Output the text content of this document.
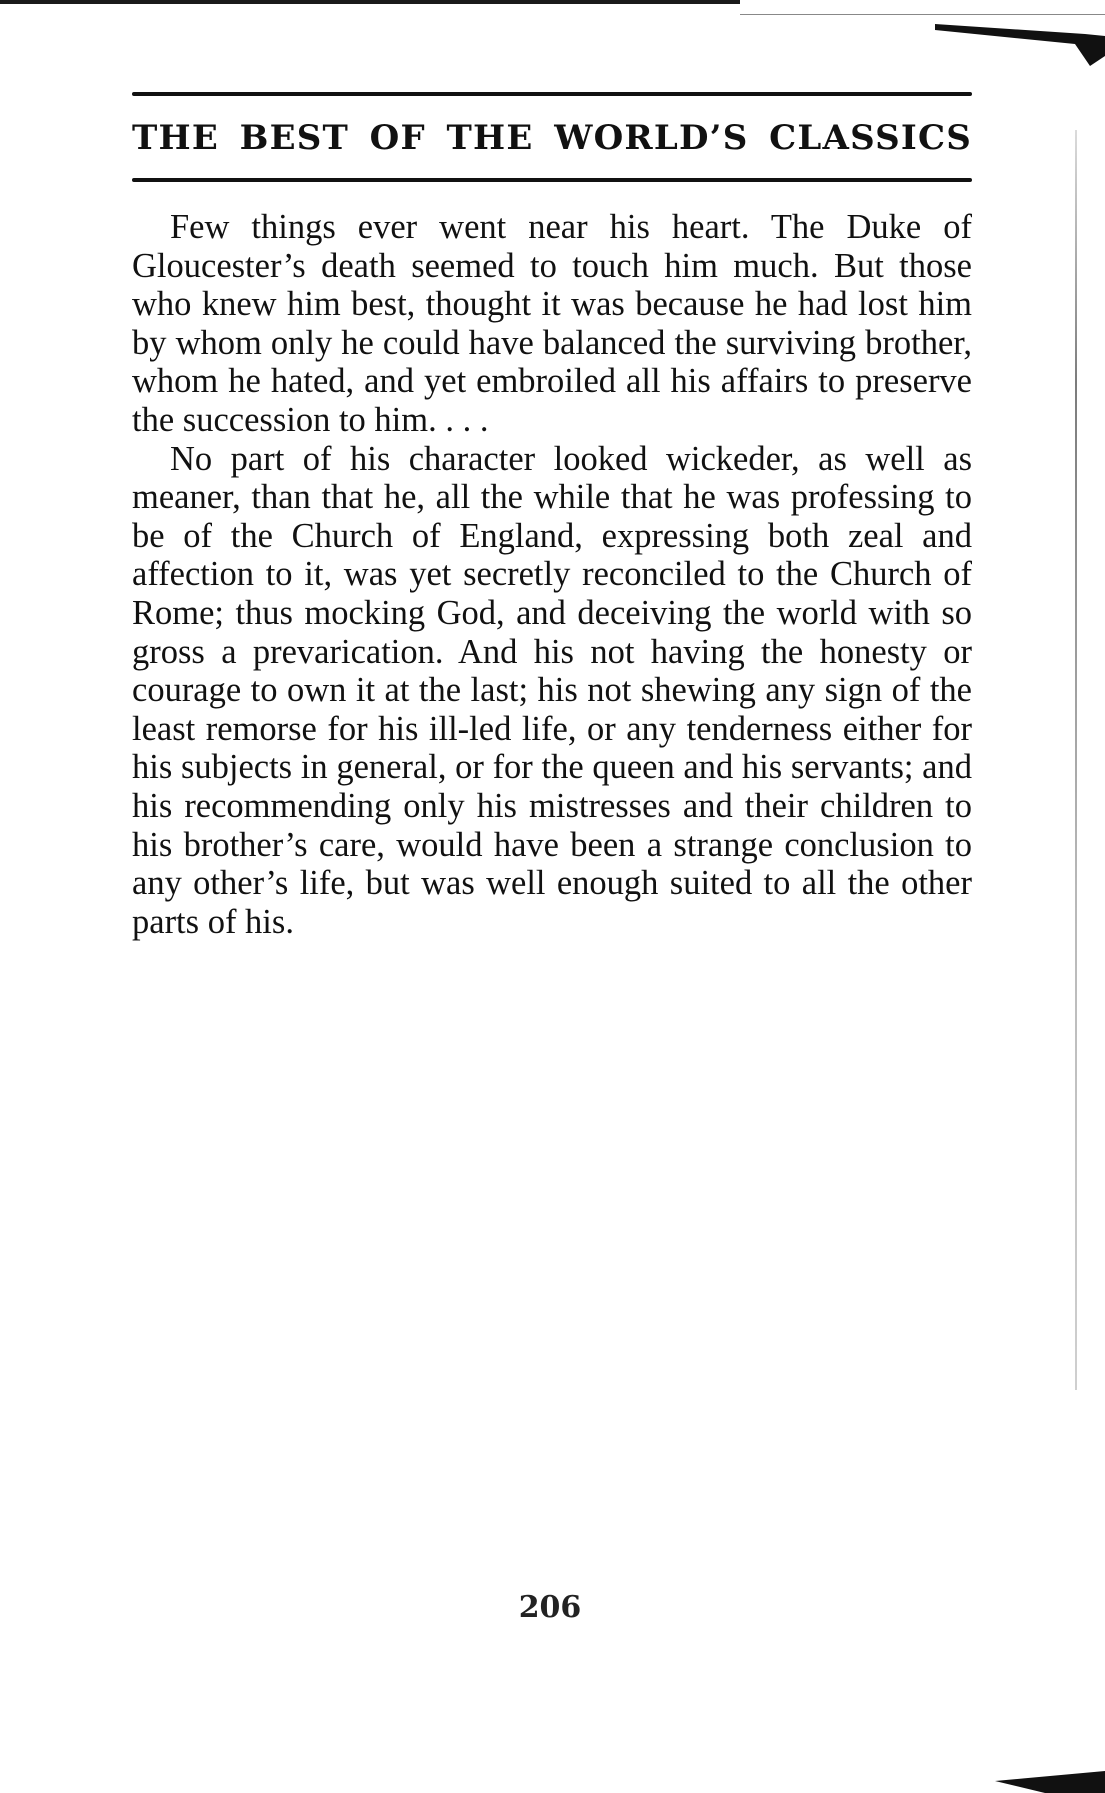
THE BEST OF THE WORLD’S CLASSICS

Few things ever went near his heart. The Duke of Gloucester’s death seemed to touch him much. But those who knew him best, thought it was because he had lost him by whom only he could have balanced the surviving brother, whom he hated, and yet embroiled all his affairs to preserve the succession to him. . . .

No part of his character looked wickeder, as well as meaner, than that he, all the while that he was professing to be of the Church of England, expressing both zeal and affection to it, was yet secretly reconciled to the Church of Rome; thus mocking God, and deceiving the world with so gross a prevarication. And his not having the honesty or courage to own it at the last; his not shewing any sign of the least remorse for his ill-led life, or any tenderness either for his subjects in general, or for the queen and his servants; and his recommending only his mistresses and their children to his brother’s care, would have been a strange conclusion to any other’s life, but was well enough suited to all the other parts of his.

206
